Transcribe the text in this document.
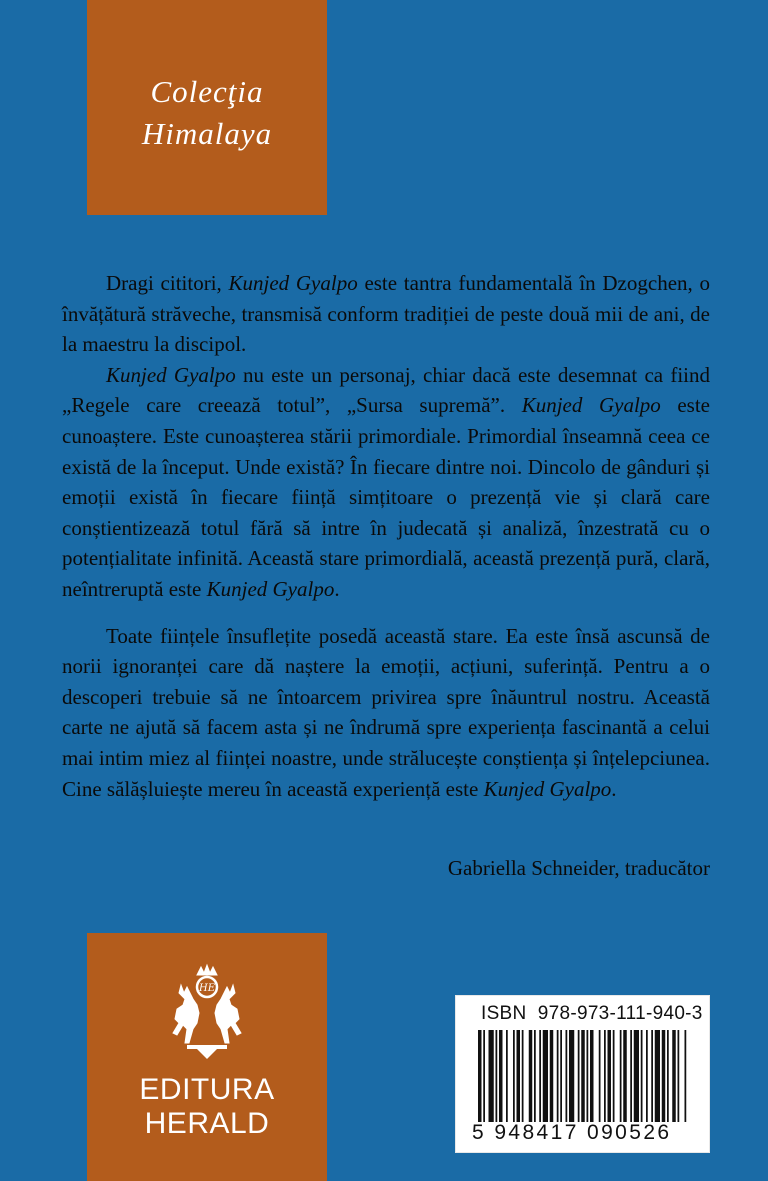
Colecţia
Himalaya

Dragi cititori, Kunjed Gyalpo este tantra fundamentală în Dzogchen, o învățătură străveche, transmisă conform tradiției de peste două mii de ani, de la maestru la discipol.

Kunjed Gyalpo nu este un personaj, chiar dacă este desemnat ca fiind „Regele care creează totul”, „Sursa supremă”. Kunjed Gyalpo este cunoaștere. Este cunoașterea stării primordiale. Primordial înseamnă ceea ce există de la început. Unde există? În fiecare dintre noi. Dincolo de gânduri și emoții există în fiecare ființă simțitoare o prezență vie și clară care conștientizează totul fără să intre în judecată și analiză, înzestrată cu o potențialitate infinită. Această stare primordială, această prezență pură, clară, neîntreruptă este Kunjed Gyalpo.

Toate ființele însuflețite posedă această stare. Ea este însă ascunsă de norii ignoranței care dă naștere la emoții, acțiuni, suferință. Pentru a o descoperi trebuie să ne întoarcem privirea spre înăuntrul nostru. Această carte ne ajută să facem asta și ne îndrumă spre experiența fascinantă a celui mai intim miez al ființei noastre, unde strălucește conștiența și înțelepciunea. Cine sălășluiește mereu în această experiență este Kunjed Gyalpo.

Gabriella Schneider, traducător
HE
EDITURA
HERALD
ISBN 978-973-111-940-3
5 948417 090526
